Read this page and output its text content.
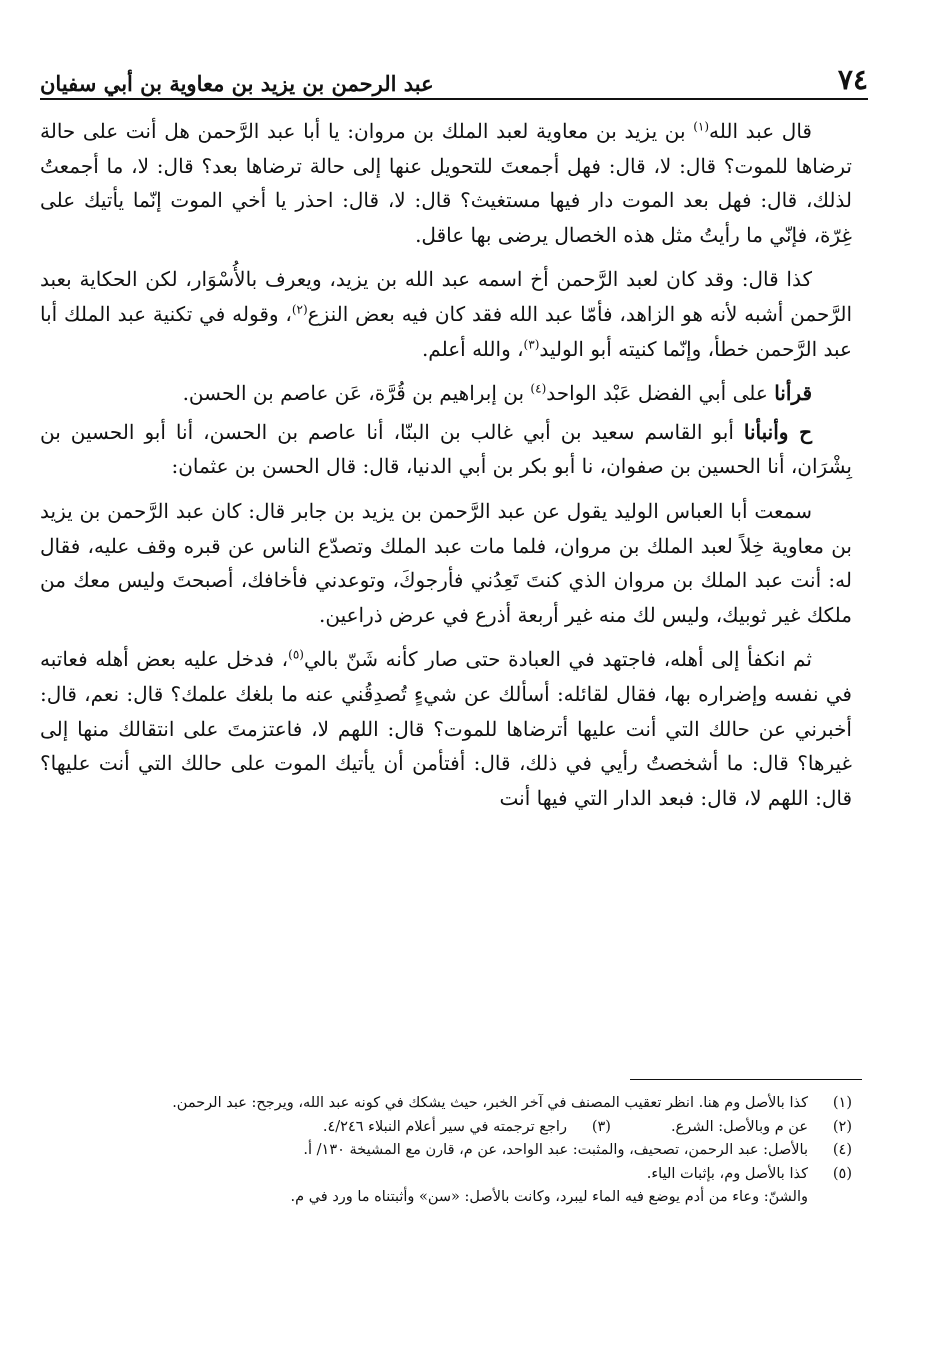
٧٤
عبد الرحمن بن يزيد بن معاوية بن أبي سفيان

قال عبد الله$^{(١)}$ بن يزيد بن معاوية لعبد الملك بن مروان: يا أبا عبد الرَّحمن هل أنت على حالة ترضاها للموت؟ قال: لا، قال: فهل أجمعتَ للتحويل عنها إلى حالة ترضاها بعد؟ قال: لا، ما أجمعتُ لذلك، قال: فهل بعد الموت دار فيها مستغيث؟ قال: لا، قال: احذر يا أخي الموت إنّما يأتيك على غِرّة، فإنّي ما رأيتُ مثل هذه الخصال يرضى بها عاقل.

كذا قال: وقد كان لعبد الرَّحمن أخ اسمه عبد الله بن يزيد، ويعرف بالأُسْوَار، لكن الحكاية بعبد الرَّحمن أشبه لأنه هو الزاهد، فأمّا عبد الله فقد كان فيه بعض النزع$^{(٢)}$، وقوله في تكنية عبد الملك أبا عبد الرَّحمن خطأ، وإنّما كنيته أبو الوليد$^{(٣)}$، والله أعلم.

قرأنا على أبي الفضل عَبْد الواحد$^{(٤)}$ بن إبراهيم بن قُرَّة، عَن عاصم بن الحسن.

ح وأنبأنا أبو القاسم سعيد بن أبي غالب بن البنّا، أنا عاصم بن الحسن، أنا أبو الحسين بن بِشْرَان، أنا الحسين بن صفوان، نا أبو بكر بن أبي الدنيا، قال: قال الحسن بن عثمان:

سمعت أبا العباس الوليد يقول عن عبد الرَّحمن بن يزيد بن جابر قال: كان عبد الرَّحمن بن يزيد بن معاوية خِلاً لعبد الملك بن مروان، فلما مات عبد الملك وتصدّع الناس عن قبره وقف عليه، فقال له: أنت عبد الملك بن مروان الذي كنتَ تَعِدُني فأرجوكَ، وتوعدني فأخافك، أصبحتَ وليس معك من ملكك غير ثوبيك، وليس لك منه غير أربعة أذرع في عرض ذراعين.

ثم انكفأ إلى أهله، فاجتهد في العبادة حتى صار كأنه شَنّ بالي$^{(٥)}$، فدخل عليه بعض أهله فعاتبه في نفسه وإضراره بها، فقال لقائله: أسألك عن شيءٍ تُصدِقُني عنه ما بلغك علمك؟ قال: نعم، قال: أخبرني عن حالك التي أنت عليها أترضاها للموت؟ قال: اللهم لا، فاعتزمتَ على انتقالك منها إلى غيرها؟ قال: ما أشخصتُ رأيي في ذلك، قال: أفتأمن أن يأتيك الموت على حالك التي أنت عليها؟ قال: اللهم لا، قال: فبعد الدار التي فيها أنت

(١)
كذا بالأصل وم هنا. انظر تعقيب المصنف في آخر الخبر، حيث يشكك في كونه عبد الله، ويرجح: عبد الرحمن.
(٢)
عن م وبالأصل: الشرع.
(٣)
راجع ترجمته في سير أعلام النبلاء ٤/٢٤٦.
(٤)
بالأصل: عبد الرحمن، تصحيف، والمثبت: عبد الواحد، عن م، قارن مع المشيخة ١٣٠/ أ.
(٥)
كذا بالأصل وم، بإثبات الياء.
والشنّ: وعاء من أدم يوضع فيه الماء ليبرد، وكانت بالأصل: «سن» وأثبتناه ما ورد في م.
